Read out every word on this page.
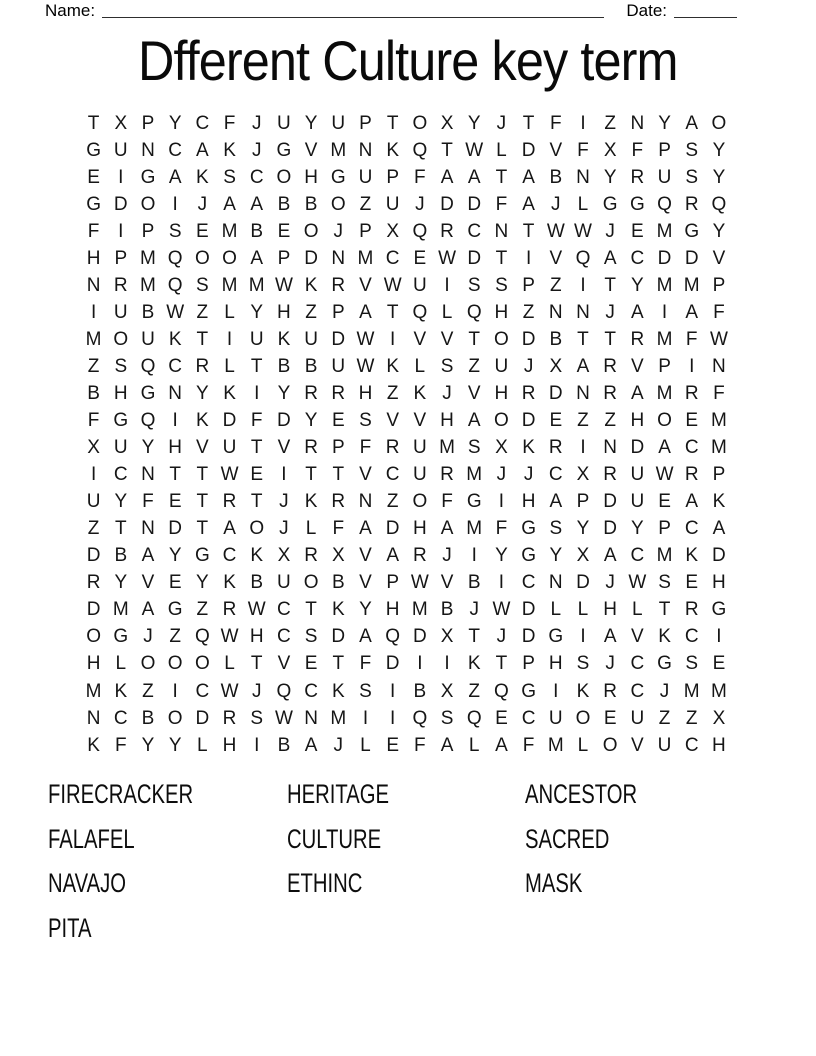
Name:	Date:
Dfferent Culture key term
T X P Y C F J U Y U P T O X Y J T F I Z N Y A O
G U N C A K J G V M N K Q T W L D V F X F P S Y
E I G A K S C O H G U P F A A T A B N Y R U S Y
G D O I	J A A B B O Z U J D D F A J L G G Q R Q
F I P S E M B E O J P X Q R C N T W W J E M G Y
H P M Q O O A P D N M C E W D T I V Q A C D D V
N R M Q S M M W K R V W U I S S P Z I T Y M M P
I U B W Z L Y H Z P A T Q L Q H Z N N J A I A F
M O U K T I U K U D W I V V T O D B T T R M F W
Z S Q C R L T B B U W K L S Z U J X A R V P I N
B H G N Y K I Y R R H Z K J V H R D N R A M R F
F G Q I K D F D Y E S V V H A O D E Z Z H O E M
X U Y H V U T V R P F R U M S X K R I N D A C M
I C N T T W E I T T V C U R M J J C X R U W R P
U Y F E T R T J K R N Z O F G I H A P D U E A K
Z T N D T A O J L F A D H A M F G S Y D Y P C A
D B A Y G C K X R X V A R J	I Y G Y X A C M K D
R Y V E Y K B U O B V P W V B I C N D J W S E H
D M A G Z R W C T K Y H M B J W D L L H L T R G
O G J Z Q W H C S D A Q D X T J D G I A V K C I
H L O O O L T V E T F D I	I K T P H S J C G S E
M K Z I C W J Q C K S I B X Z Q G I K R C J M M
N C B O D R S W N M I	I Q S Q E C U O E U Z Z X
K F Y Y L H I B A J L E F A L A F M L O V U C H
FIRECRACKER
FALAFEL
NAVAJO
PITA
HERITAGE
CULTURE
ETHINC
ANCESTOR
SACRED
MASK
